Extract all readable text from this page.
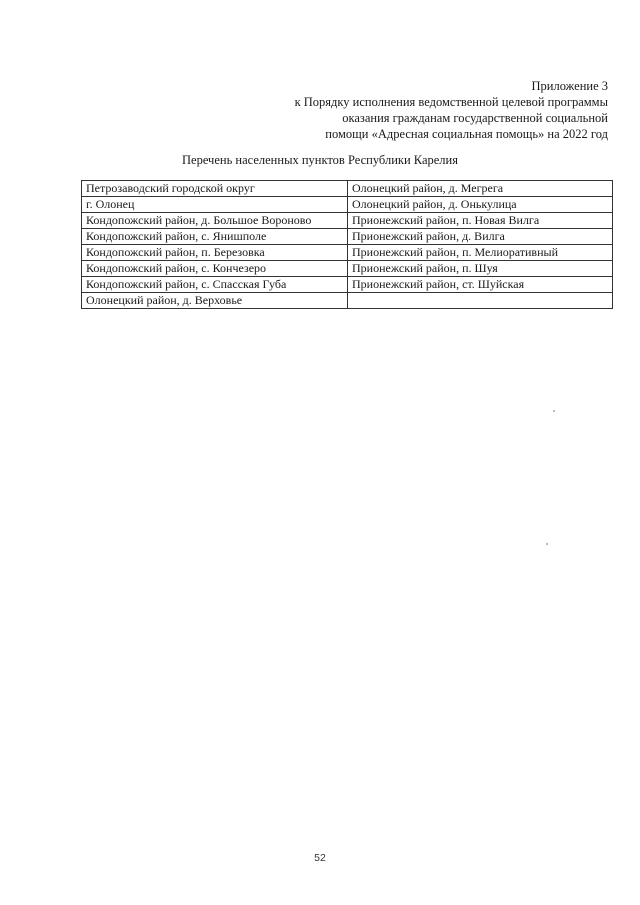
Приложение 3
к Порядку исполнения ведомственной целевой программы
оказания гражданам государственной социальной
помощи «Адресная социальная помощь» на 2022 год
Перечень населенных пунктов Республики Карелия
Петрозаводский городской округ	Олонецкий район, д. Мегрега
г. Олонец	Олонецкий район, д. Онькулица
Кондопожский район, д. Большое Вороново	Прионежский район, п. Новая Вилга
Кондопожский район, с. Янишполе	Прионежский район, д. Вилга
Кондопожский район, п. Березовка	Прионежский район, п. Мелиоративный
Кондопожский район, с. Кончезеро	Прионежский район, п. Шуя
Кондопожский район, с. Спасская Губа	Прионежский район, ст. Шуйская
Олонецкий район, д. Верховье	
52
